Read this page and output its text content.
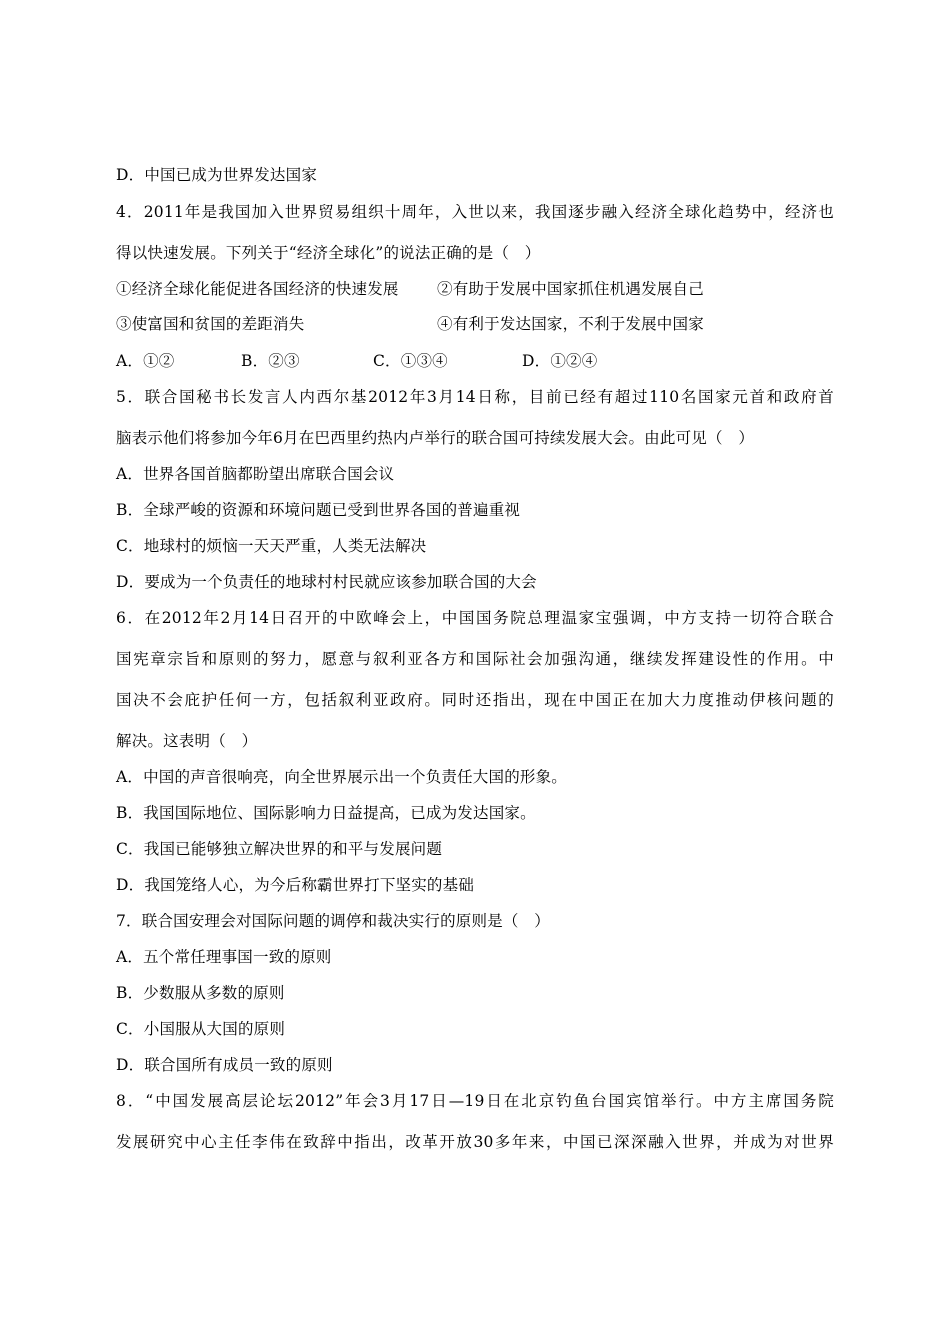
D．中国已成为世界发达国家
4．2011年是我国加入世界贸易组织十周年，入世以来，我国逐步融入经济全球化趋势中，经济也
得以快速发展。下列关于“经济全球化”的说法正确的是（　）
①经济全球化能促进各国经济的快速发展 ②有助于发展中国家抓住机遇发展自己
③使富国和贫国的差距消失	④有利于发达国家，不利于发展中国家
A．①②	B．②③	C．①③④	D．①②④
5．联合国秘书长发言人内西尔基2012年3月14日称，目前已经有超过110名国家元首和政府首
脑表示他们将参加今年6月在巴西里约热内卢举行的联合国可持续发展大会。由此可见（　）
A．世界各国首脑都盼望出席联合国会议
B．全球严峻的资源和环境问题已受到世界各国的普遍重视
C．地球村的烦恼一天天严重，人类无法解决
D．要成为一个负责任的地球村村民就应该参加联合国的大会
6．在2012年2月14日召开的中欧峰会上，中国国务院总理温家宝强调，中方支持一切符合联合
国宪章宗旨和原则的努力，愿意与叙利亚各方和国际社会加强沟通，继续发挥建设性的作用。中
国决不会庇护任何一方，包括叙利亚政府。同时还指出，现在中国正在加大力度推动伊核问题的
解决。这表明（　）
A．中国的声音很响亮，向全世界展示出一个负责任大国的形象。
B．我国国际地位、国际影响力日益提高，已成为发达国家。
C．我国已能够独立解决世界的和平与发展问题
D．我国笼络人心，为今后称霸世界打下坚实的基础
7．联合国安理会对国际问题的调停和裁决实行的原则是（　）
A．五个常任理事国一致的原则
B．少数服从多数的原则
C．小国服从大国的原则
D．联合国所有成员一致的原则
8．“中国发展高层论坛2012”年会3月17日—19日在北京钓鱼台国宾馆举行。中方主席国务院
发展研究中心主任李伟在致辞中指出，改革开放30多年来，中国已深深融入世界，并成为对世界
